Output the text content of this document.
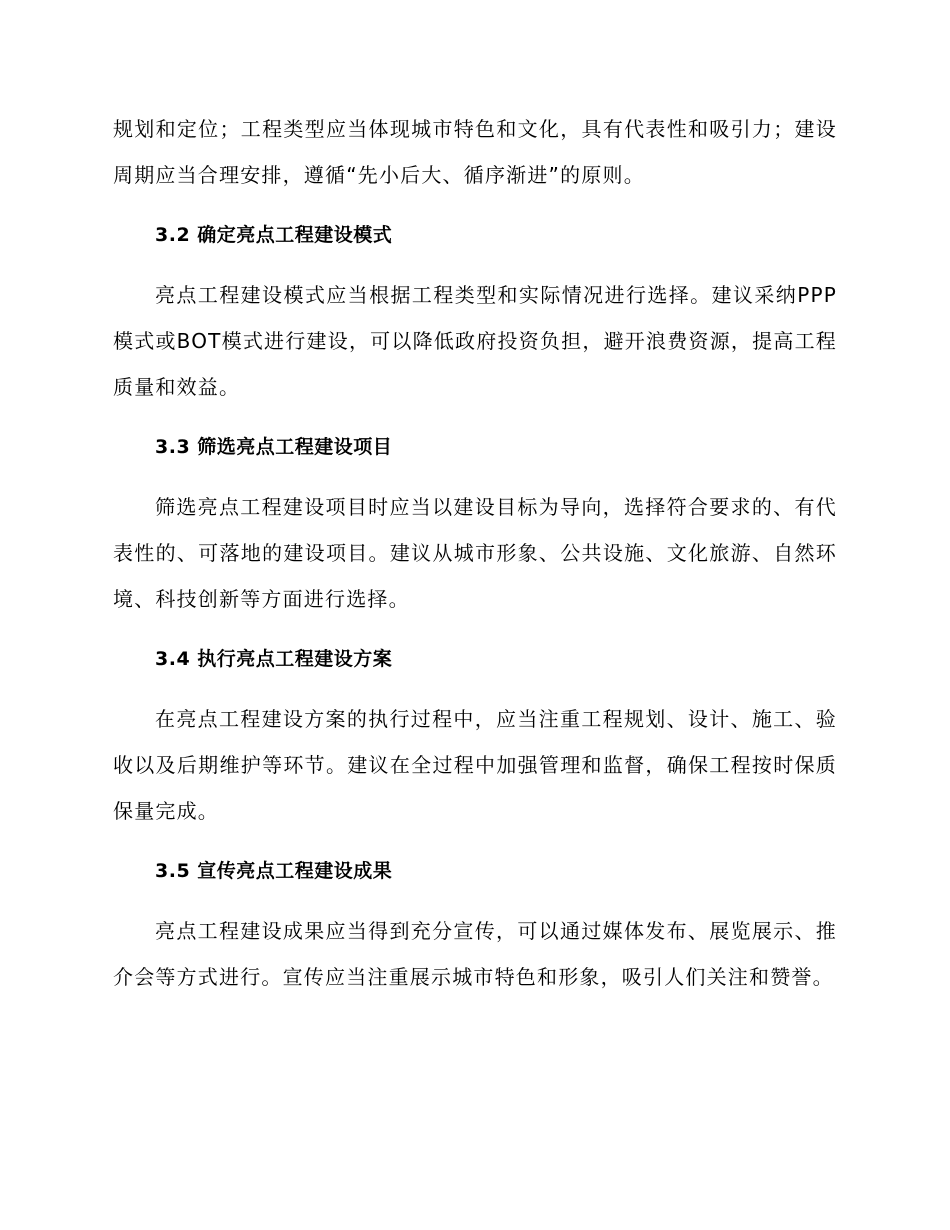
规划和定位；工程类型应当体现城市特色和文化，具有代表性和吸引力；建设周期应当合理安排，遵循“先小后大、循序渐进”的原则。

3.2 确定亮点工程建设模式

亮点工程建设模式应当根据工程类型和实际情况进行选择。建议采纳PPP模式或BOT模式进行建设，可以降低政府投资负担，避开浪费资源，提高工程质量和效益。

3.3 筛选亮点工程建设项目

筛选亮点工程建设项目时应当以建设目标为导向，选择符合要求的、有代表性的、可落地的建设项目。建议从城市形象、公共设施、文化旅游、自然环境、科技创新等方面进行选择。

3.4 执行亮点工程建设方案

在亮点工程建设方案的执行过程中，应当注重工程规划、设计、施工、验收以及后期维护等环节。建议在全过程中加强管理和监督，确保工程按时保质保量完成。

3.5 宣传亮点工程建设成果

亮点工程建设成果应当得到充分宣传，可以通过媒体发布、展览展示、推介会等方式进行。宣传应当注重展示城市特色和形象，吸引人们关注和赞誉。
